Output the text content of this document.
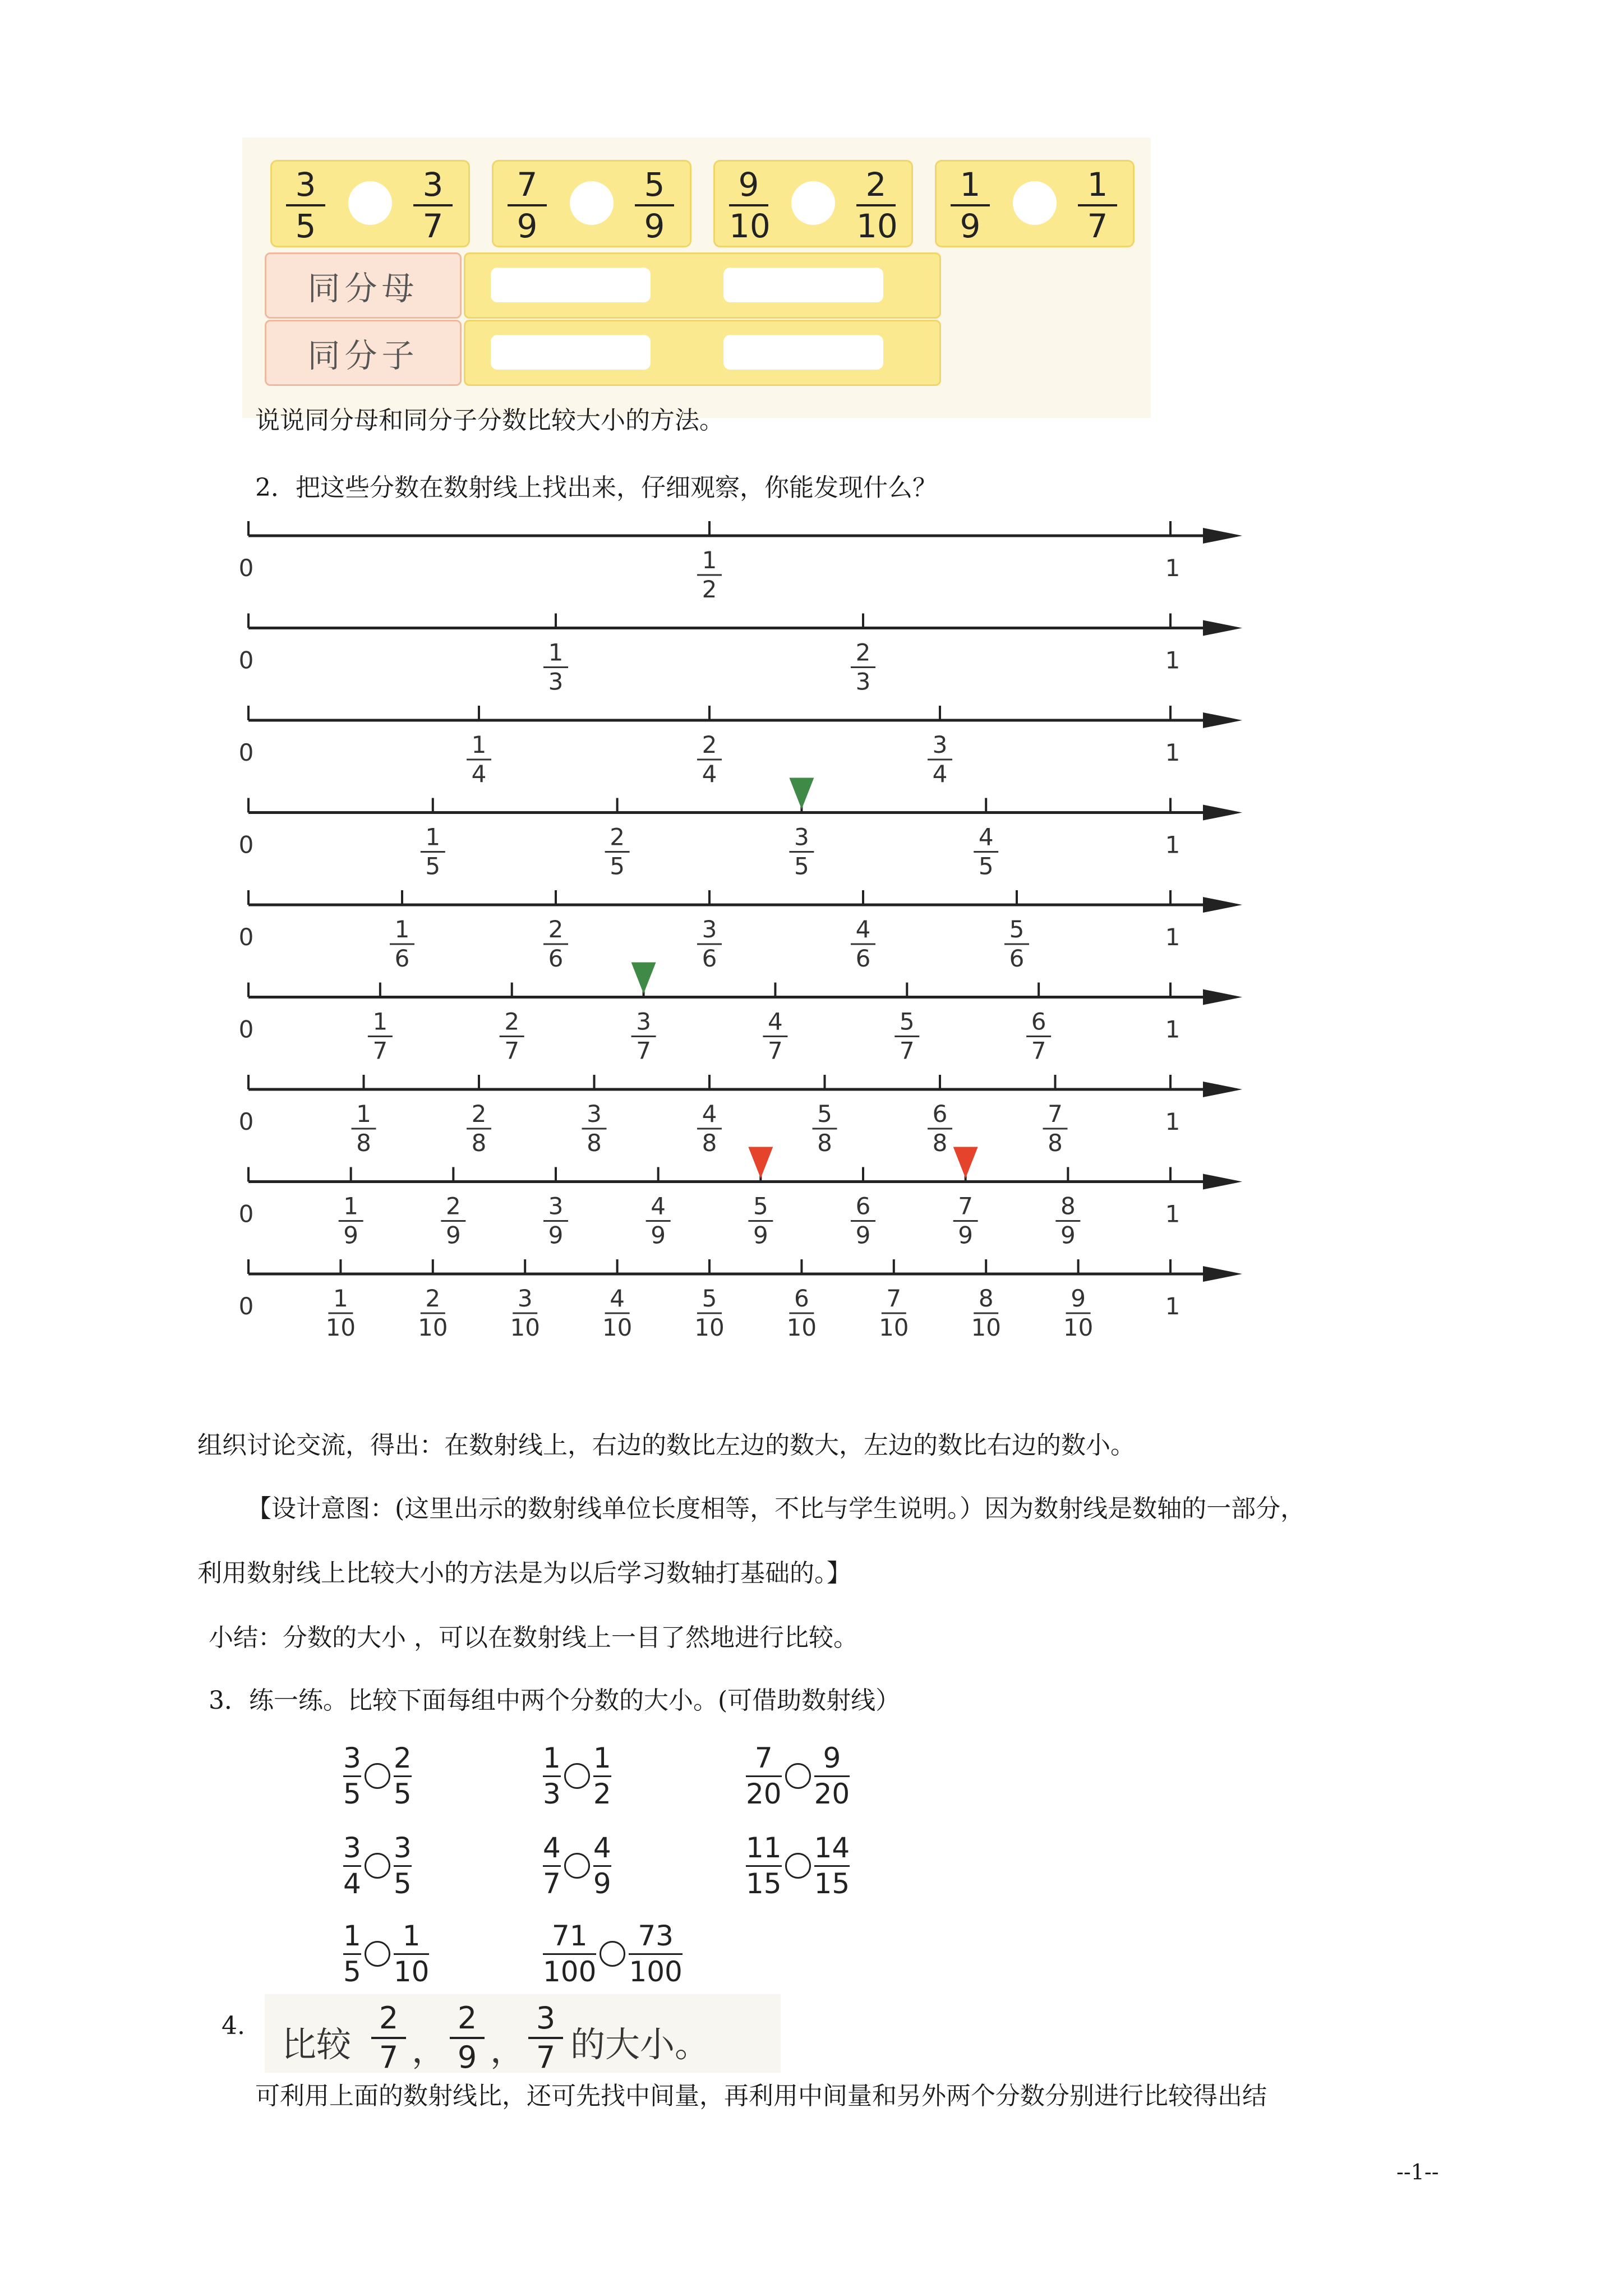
3
5
3
7
7
9
5
9
9
10
2
10
1
9
1
7
同分母
同分子
说说同分母和同分子分数比较大小的方法。
2．把这些分数在数射线上找出来，仔细观察，你能发现什么？
0	1
1
2
0	1
1
3
2
3
0	1
1
4
2
4
3
4
0	1
1
5
2
5
3
5
4
5
0	1
1
6
2
6
3
6
4
6
5
6
0	1
1
7
2
7
3
7
4
7
5
7
6
7
0	1
1
8
2
8
3
8
4
8
5
8
6
8
7
8
0	1
1
9
2
9
3
9
4
9
5
9
6
9
7
9
8
9
0	1
1
10
2
10
3
10
4
10
5
10
6
10
7
10
8
10
9
10
组织讨论交流，得出：在数射线上，右边的数比左边的数大，左边的数比右边的数小。
【设计意图：(这里出示的数射线单位长度相等，不比与学生说明。）因为数射线是数轴的一部分，
利用数射线上比较大小的方法是为以后学习数轴打基础的。】
小结：分数的大小 ，可以在数射线上一目了然地进行比较。
3．练一练。比较下面每组中两个分数的大小。(可借助数射线）
$\frac{3}{5} \frac{2}{5}$	$\frac{1}{3} \frac{1}{2}$	$\frac{7}{20} \frac{9}{20}$
$\frac{3}{4} \frac{3}{5}$	$\frac{4}{7} \frac{4}{9}$	$\frac{11}{15} \frac{14}{15}$
$\frac{1}{5} \frac{1}{10}$	$\frac{71}{100} \frac{73}{100}$
4. 比较
2
7 ，
2
9 ，
3
7 的大小。
可利用上面的数射线比，还可先找中间量，再利用中间量和另外两个分数分别进行比较得出结
--1--
